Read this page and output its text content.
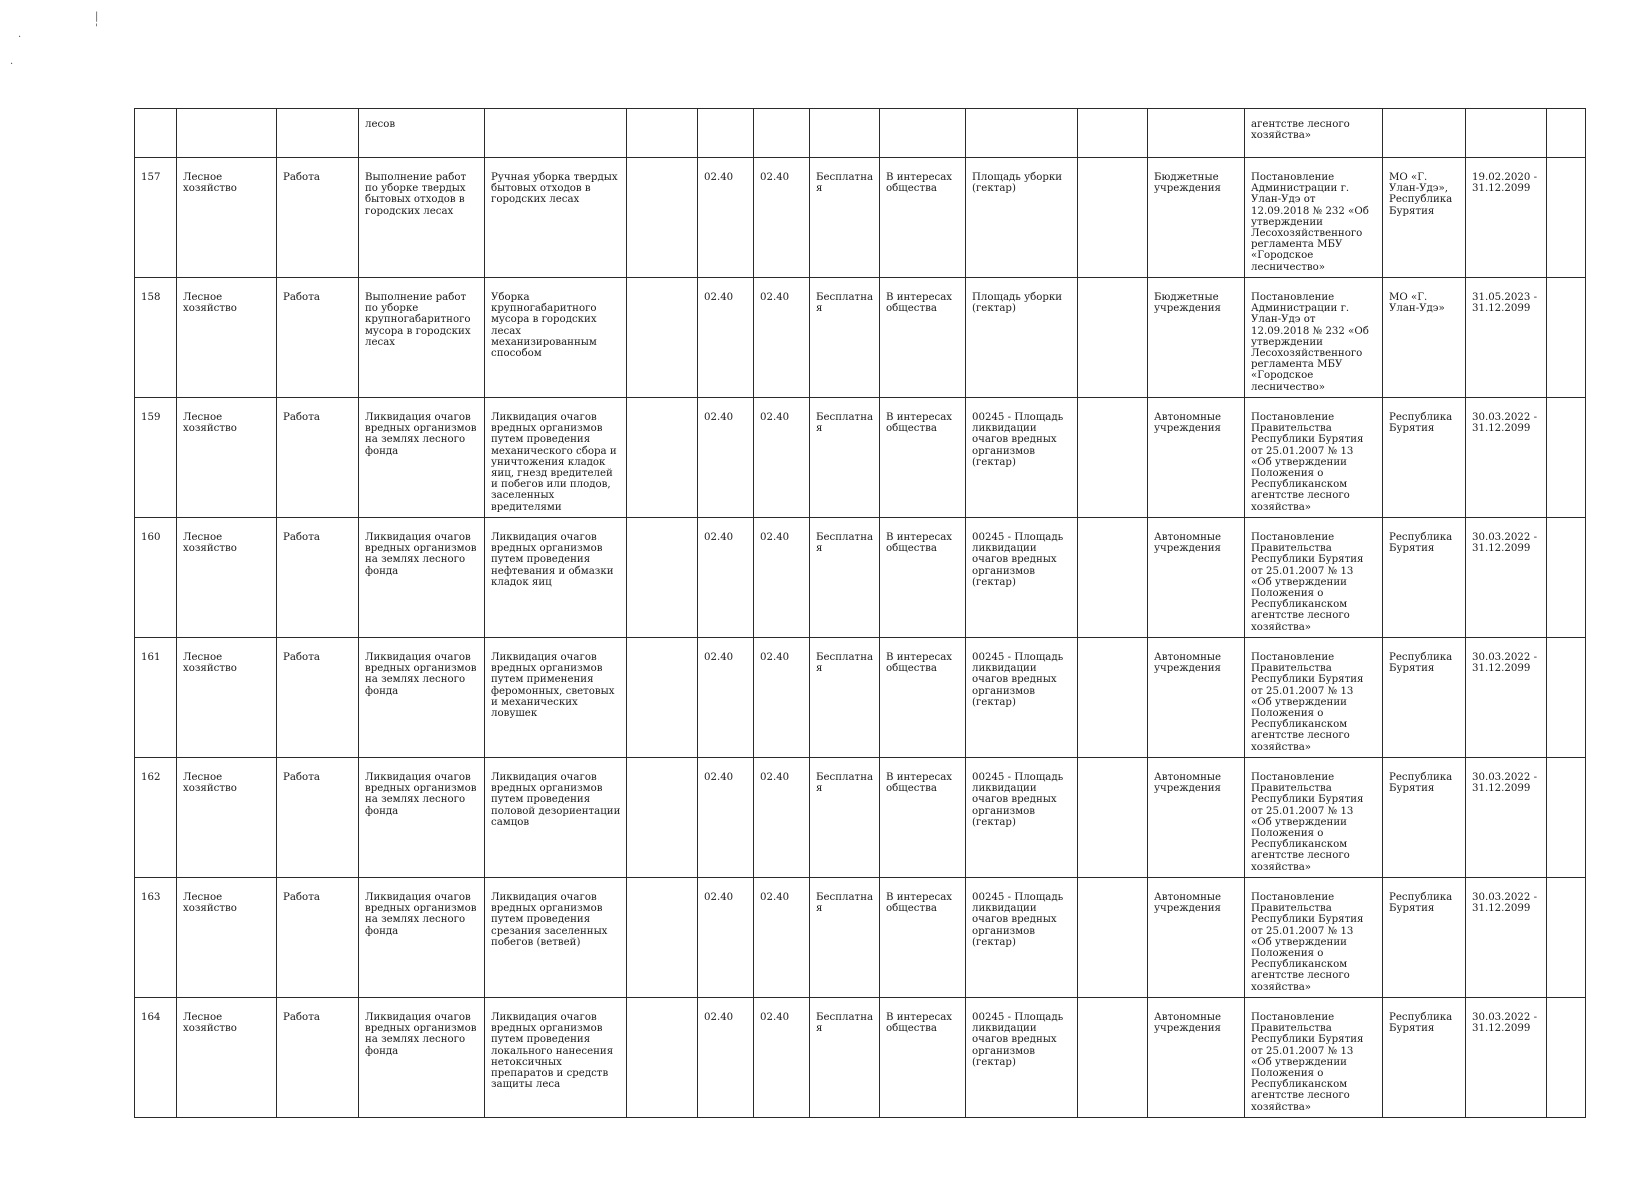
|
'
·
·
			лесов										агентстве лесного хозяйства»			
157	Лесное хозяйство	Работа	Выполнение работ по уборке твердых бытовых отходов в городских лесах	Ручная уборка твердых бытовых отходов в городских лесах		02.40	02.40	Бесплатная	В интересах общества	Площадь уборки (гектар)		Бюджетные учреждения	Постановление Администрации г. Улан-Удэ от 12.09.2018 № 232 «Об утверждении Лесохозяйственного регламента МБУ «Городское лесничество»	МО «Г. Улан-Удэ», Республика Бурятия	19.02.2020 - 31.12.2099	
158	Лесное хозяйство	Работа	Выполнение работ по уборке крупногабаритного мусора в городских лесах	Уборка крупногабаритного мусора в городских лесах механизированным способом		02.40	02.40	Бесплатная	В интересах общества	Площадь уборки (гектар)		Бюджетные учреждения	Постановление Администрации г. Улан-Удэ от 12.09.2018 № 232 «Об утверждении Лесохозяйственного регламента МБУ «Городское лесничество»	МО «Г. Улан-Удэ»	31.05.2023 - 31.12.2099	
159	Лесное хозяйство	Работа	Ликвидация очагов вредных организмов на землях лесного фонда	Ликвидация очагов вредных организмов путем проведения механического сбора и уничтожения кладок яиц, гнезд вредителей и побегов или плодов, заселенных вредителями		02.40	02.40	Бесплатная	В интересах общества	00245 - Площадь ликвидации очагов вредных организмов (гектар)		Автономные учреждения	Постановление Правительства Республики Бурятия от 25.01.2007 № 13 «Об утверждении Положения о Республиканском агентстве лесного хозяйства»	Республика Бурятия	30.03.2022 - 31.12.2099	
160	Лесное хозяйство	Работа	Ликвидация очагов вредных организмов на землях лесного фонда	Ликвидация очагов вредных организмов путем проведения нефтевания и обмазки кладок яиц		02.40	02.40	Бесплатная	В интересах общества	00245 - Площадь ликвидации очагов вредных организмов (гектар)		Автономные учреждения	Постановление Правительства Республики Бурятия от 25.01.2007 № 13 «Об утверждении Положения о Республиканском агентстве лесного хозяйства»	Республика Бурятия	30.03.2022 - 31.12.2099	
161	Лесное хозяйство	Работа	Ликвидация очагов вредных организмов на землях лесного фонда	Ликвидация очагов вредных организмов путем применения феромонных, световых и механических ловушек		02.40	02.40	Бесплатная	В интересах общества	00245 - Площадь ликвидации очагов вредных организмов (гектар)		Автономные учреждения	Постановление Правительства Республики Бурятия от 25.01.2007 № 13 «Об утверждении Положения о Республиканском агентстве лесного хозяйства»	Республика Бурятия	30.03.2022 - 31.12.2099	
162	Лесное хозяйство	Работа	Ликвидация очагов вредных организмов на землях лесного фонда	Ликвидация очагов вредных организмов путем проведения половой дезориентации самцов		02.40	02.40	Бесплатная	В интересах общества	00245 - Площадь ликвидации очагов вредных организмов (гектар)		Автономные учреждения	Постановление Правительства Республики Бурятия от 25.01.2007 № 13 «Об утверждении Положения о Республиканском агентстве лесного хозяйства»	Республика Бурятия	30.03.2022 - 31.12.2099	
163	Лесное хозяйство	Работа	Ликвидация очагов вредных организмов на землях лесного фонда	Ликвидация очагов вредных организмов путем проведения срезания заселенных побегов (ветвей)		02.40	02.40	Бесплатная	В интересах общества	00245 - Площадь ликвидации очагов вредных организмов (гектар)		Автономные учреждения	Постановление Правительства Республики Бурятия от 25.01.2007 № 13 «Об утверждении Положения о Республиканском агентстве лесного хозяйства»	Республика Бурятия	30.03.2022 - 31.12.2099	
164	Лесное хозяйство	Работа	Ликвидация очагов вредных организмов на землях лесного фонда	Ликвидация очагов вредных организмов путем проведения локального нанесения нетоксичных препаратов и средств защиты леса		02.40	02.40	Бесплатная	В интересах общества	00245 - Площадь ликвидации очагов вредных организмов (гектар)		Автономные учреждения	Постановление Правительства Республики Бурятия от 25.01.2007 № 13 «Об утверждении Положения о Республиканском агентстве лесного хозяйства»	Республика Бурятия	30.03.2022 - 31.12.2099	
